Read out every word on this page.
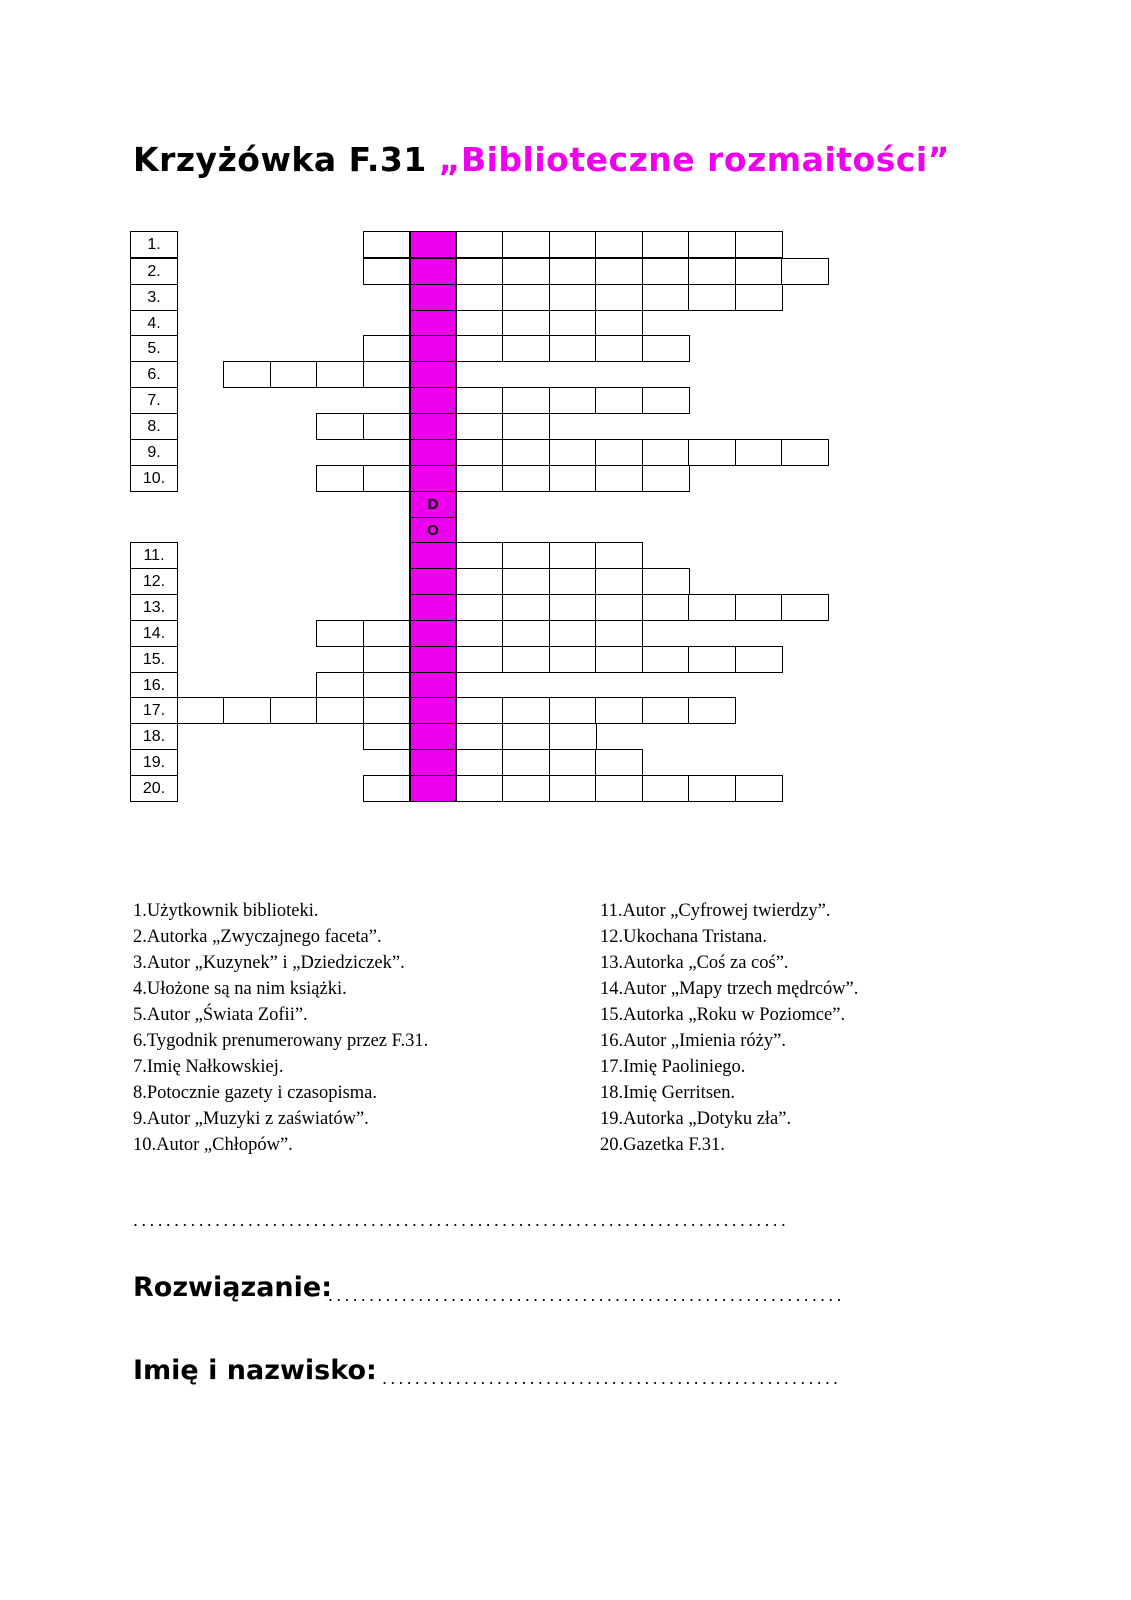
Krzyżówka F.31 „Biblioteczne rozmaitości”
1.
2.
3.
4.
5.
6.
7.
8.
9.
10.
D
O
11.
12.
13.
14.
15.
16.
17.
18.
19.
20.
1.Użytkownik biblioteki.
2.Autorka „Zwyczajnego faceta”.
3.Autor „Kuzynek” i „Dziedziczek”.
4.Ułożone są na nim książki.
5.Autor „Świata Zofii”.
6.Tygodnik prenumerowany przez F.31.
7.Imię Nałkowskiej.
8.Potocznie gazety i czasopisma.
9.Autor „Muzyki z zaświatów”.
10.Autor „Chłopów”.
11.Autor „Cyfrowej twierdzy”.
12.Ukochana Tristana.
13.Autorka „Coś za coś”.
14.Autor „Mapy trzech mędrców”.
15.Autorka „Roku w Poziomce”.
16.Autor „Imienia róży”.
17.Imię Paoliniego.
18.Imię Gerritsen.
19.Autorka „Dotyku zła”.
20.Gazetka F.31.
................................................................................
Rozwiązanie:
...............................................................
Imię i nazwisko: ........................................................
